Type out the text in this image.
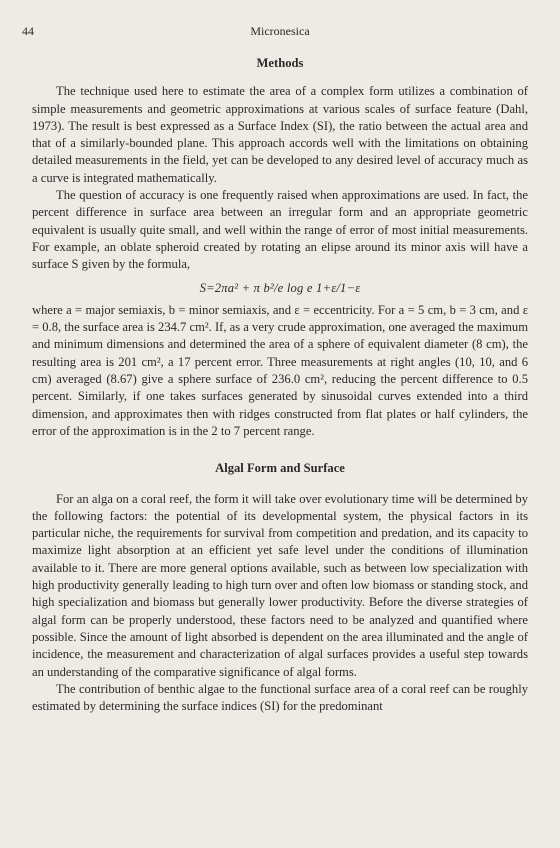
44	Micronesica
Methods

The technique used here to estimate the area of a complex form utilizes a combination of simple measurements and geometric approximations at various scales of surface feature (Dahl, 1973). The result is best expressed as a Surface Index (SI), the ratio between the actual area and that of a similarly-bounded plane. This approach accords well with the limitations on obtaining detailed measurements in the field, yet can be developed to any desired level of accuracy much as a curve is integrated mathematically.

The question of accuracy is one frequently raised when approximations are used. In fact, the percent difference in surface area between an irregular form and an appropriate geometric equivalent is usually quite small, and well within the range of error of most initial measurements. For example, an oblate spheroid created by rotating an elipse around its minor axis will have a surface S given by the formula,

S=2πa² + π b²/e log e 1+ε/1−ε

where a = major semiaxis, b = minor semiaxis, and ε = eccentricity. For a = 5 cm, b = 3 cm, and ε = 0.8, the surface area is 234.7 cm². If, as a very crude approximation, one averaged the maximum and minimum dimensions and determined the area of a sphere of equivalent diameter (8 cm), the resulting area is 201 cm², a 17 percent error. Three measurements at right angles (10, 10, and 6 cm) averaged (8.67) give a sphere surface of 236.0 cm², reducing the percent difference to 0.5 percent. Similarly, if one takes surfaces generated by sinusoidal curves extended into a third dimension, and approximates then with ridges constructed from flat plates or half cylinders, the error of the approximation is in the 2 to 7 percent range.

Algal Form and Surface

For an alga on a coral reef, the form it will take over evolutionary time will be determined by the following factors: the potential of its developmental system, the physical factors in its particular niche, the requirements for survival from competition and predation, and its capacity to maximize light absorption at an efficient yet safe level under the conditions of illumination available to it. There are more general options available, such as between low specialization with high productivity generally leading to high turn over and often low biomass or standing stock, and high specialization and biomass but generally lower productivity. Before the diverse strategies of algal form can be properly understood, these factors need to be analyzed and quantified where possible. Since the amount of light absorbed is dependent on the area illuminated and the angle of incidence, the measurement and characterization of algal surfaces provides a useful step towards an understanding of the comparative significance of algal forms.

The contribution of benthic algae to the functional surface area of a coral reef can be roughly estimated by determining the surface indices (SI) for the predominant
